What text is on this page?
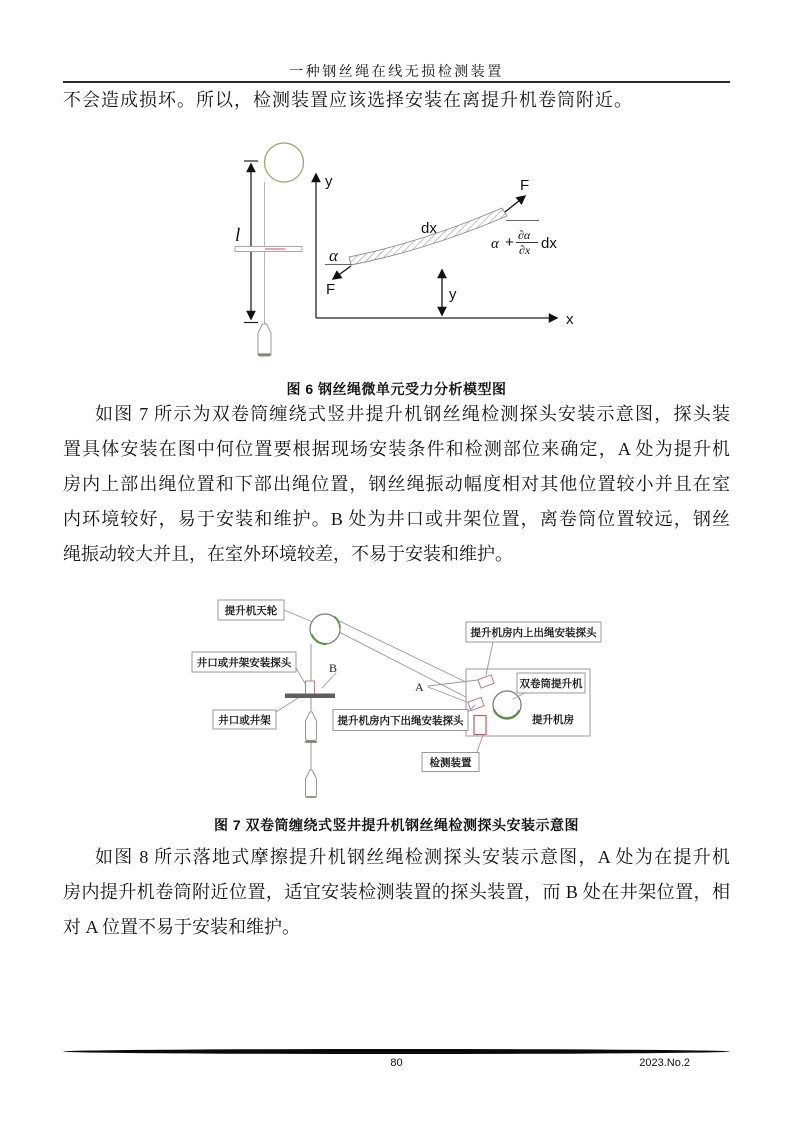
一种钢丝绳在线无损检测装置
不会造成损坏。所以，检测装置应该选择安装在离提升机卷筒附近。
l
y
x
dx
α
F
F
α + ∂α
∂x dx
y
图 6 钢丝绳微单元受力分析模型图
如图 7 所示为双卷筒缠绕式竖井提升机钢丝绳检测探头安装示意图，探头装
置具体安装在图中何位置要根据现场安装条件和检测部位来确定，A 处为提升机
房内上部出绳位置和下部出绳位置，钢丝绳振动幅度相对其他位置较小并且在室
内环境较好，易于安装和维护。B 处为井口或井架位置，离卷筒位置较远，钢丝
绳振动较大并且，在室外环境较差，不易于安装和维护。
提升机房
提升机天轮
井口或井架安装探头
井口或井架
提升机房内上出绳安装探头
提升机房内下出绳安装探头
双卷筒提升机
检测装置
B
A
图 7 双卷筒缠绕式竖井提升机钢丝绳检测探头安装示意图
如图 8 所示落地式摩擦提升机钢丝绳检测探头安装示意图，A 处为在提升机
房内提升机卷筒附近位置，适宜安装检测装置的探头装置，而 B 处在井架位置，相
对 A 位置不易于安装和维护。
80	2023.No.2
